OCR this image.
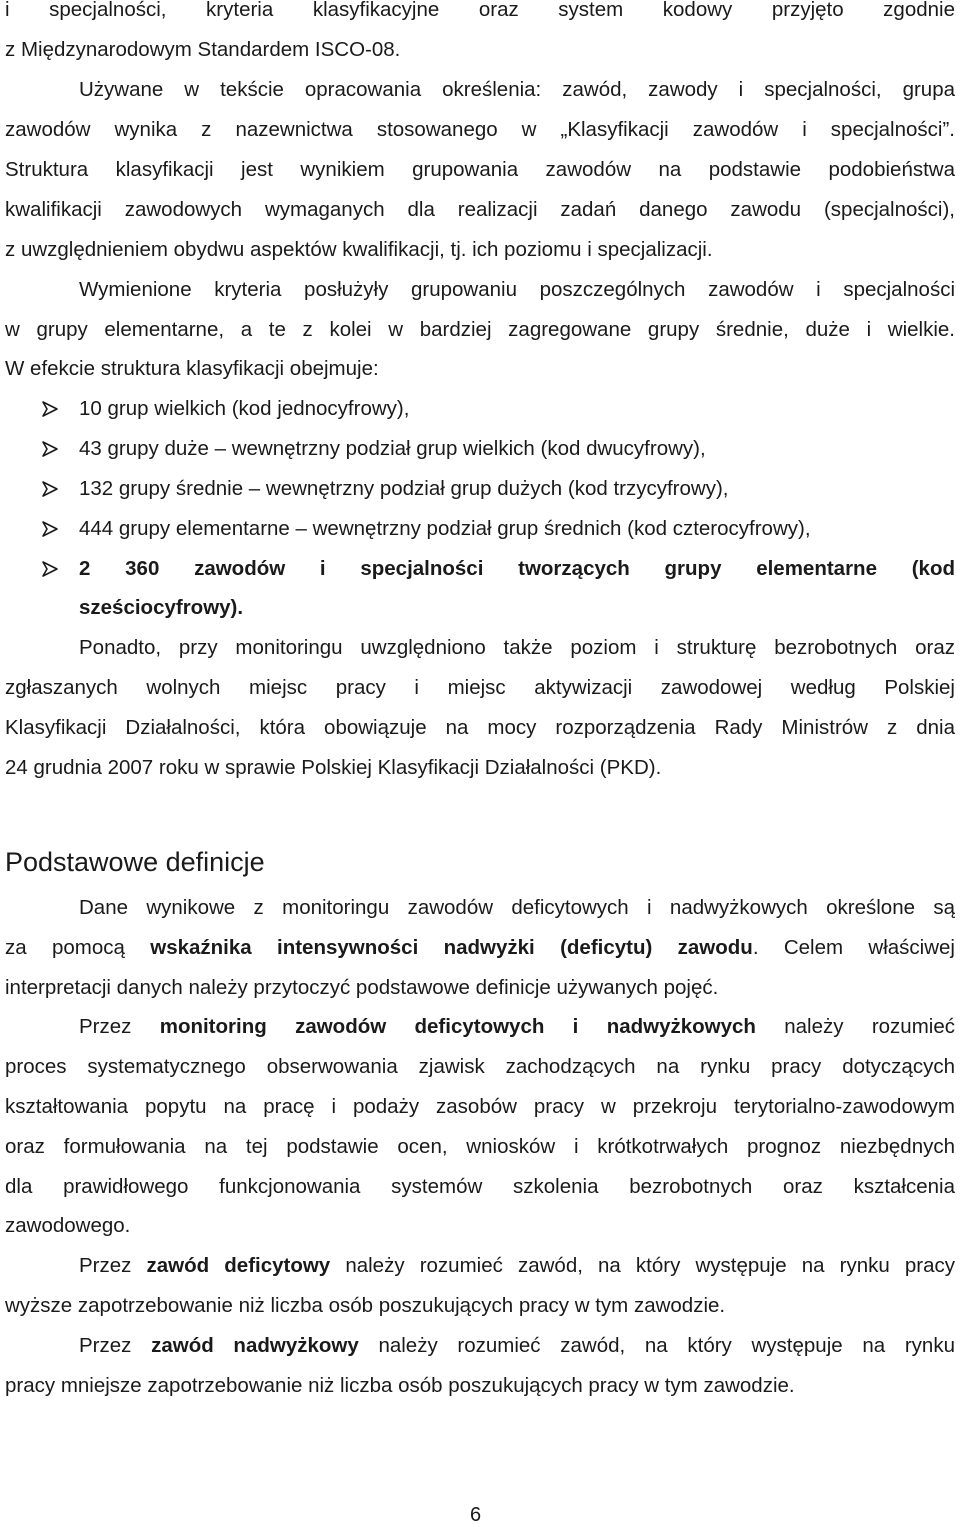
i specjalności, kryteria klasyfikacyjne oraz system kodowy przyjęto zgodnie
z Międzynarodowym Standardem ISCO-08.
Używane w tekście opracowania określenia: zawód, zawody i specjalności, grupa
zawodów wynika z nazewnictwa stosowanego w „Klasyfikacji zawodów i specjalności”.
Struktura klasyfikacji jest wynikiem grupowania zawodów na podstawie podobieństwa
kwalifikacji zawodowych wymaganych dla realizacji zadań danego zawodu (specjalności),
z uwzględnieniem obydwu aspektów kwalifikacji, tj. ich poziomu i specjalizacji.
Wymienione kryteria posłużyły grupowaniu poszczególnych zawodów i specjalności
w grupy elementarne, a te z kolei w bardziej zagregowane grupy średnie, duże i wielkie.
W efekcie struktura klasyfikacji obejmuje:
10 grup wielkich (kod jednocyfrowy),
43 grupy duże – wewnętrzny podział grup wielkich (kod dwucyfrowy),
132 grupy średnie – wewnętrzny podział grup dużych (kod trzycyfrowy),
444 grupy elementarne – wewnętrzny podział grup średnich (kod czterocyfrowy),
2 360 zawodów i specjalności tworzących grupy elementarne (kod
sześciocyfrowy).
Ponadto, przy monitoringu uwzględniono także poziom i strukturę bezrobotnych oraz
zgłaszanych wolnych miejsc pracy i miejsc aktywizacji zawodowej według Polskiej
Klasyfikacji Działalności, która obowiązuje na mocy rozporządzenia Rady Ministrów z dnia
24 grudnia 2007 roku w sprawie Polskiej Klasyfikacji Działalności (PKD).
Podstawowe definicje
Dane wynikowe z monitoringu zawodów deficytowych i nadwyżkowych określone są
za pomocą wskaźnika intensywności nadwyżki (deficytu) zawodu. Celem właściwej
interpretacji danych należy przytoczyć podstawowe definicje używanych pojęć.
Przez monitoring zawodów deficytowych i nadwyżkowych należy rozumieć
proces systematycznego obserwowania zjawisk zachodzących na rynku pracy dotyczących
kształtowania popytu na pracę i podaży zasobów pracy w przekroju terytorialno-zawodowym
oraz formułowania na tej podstawie ocen, wniosków i krótkotrwałych prognoz niezbędnych
dla prawidłowego funkcjonowania systemów szkolenia bezrobotnych oraz kształcenia
zawodowego.
Przez zawód deficytowy należy rozumieć zawód, na który występuje na rynku pracy
wyższe zapotrzebowanie niż liczba osób poszukujących pracy w tym zawodzie.
Przez zawód nadwyżkowy należy rozumieć zawód, na który występuje na rynku
pracy mniejsze zapotrzebowanie niż liczba osób poszukujących pracy w tym zawodzie.
6
